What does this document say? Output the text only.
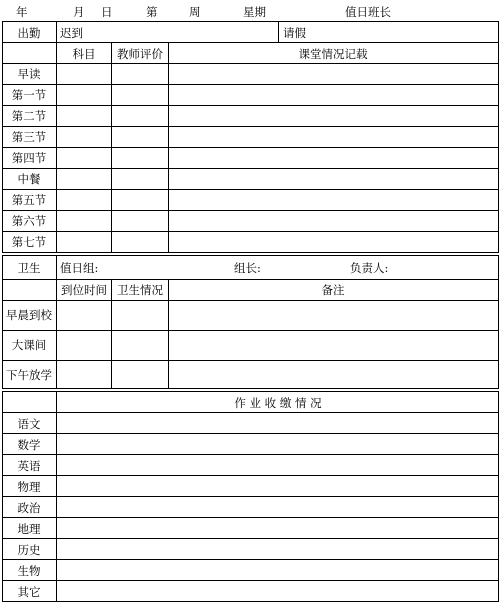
年	月 日	第	周	星期	值日班长
出勤 迟到	请假
科目 教师评价	课堂情况记载
早读
第一节
第二节
第三节
第四节
中餐
第五节
第六节
第七节
卫生 值日组:	组长:	负责人:
到位时间 卫生情况	备注
早晨到校
大课间
下午放学
作 业 收 缴 情 况
语文
数学
英语
物理
政治
地理
历史
生物
其它
